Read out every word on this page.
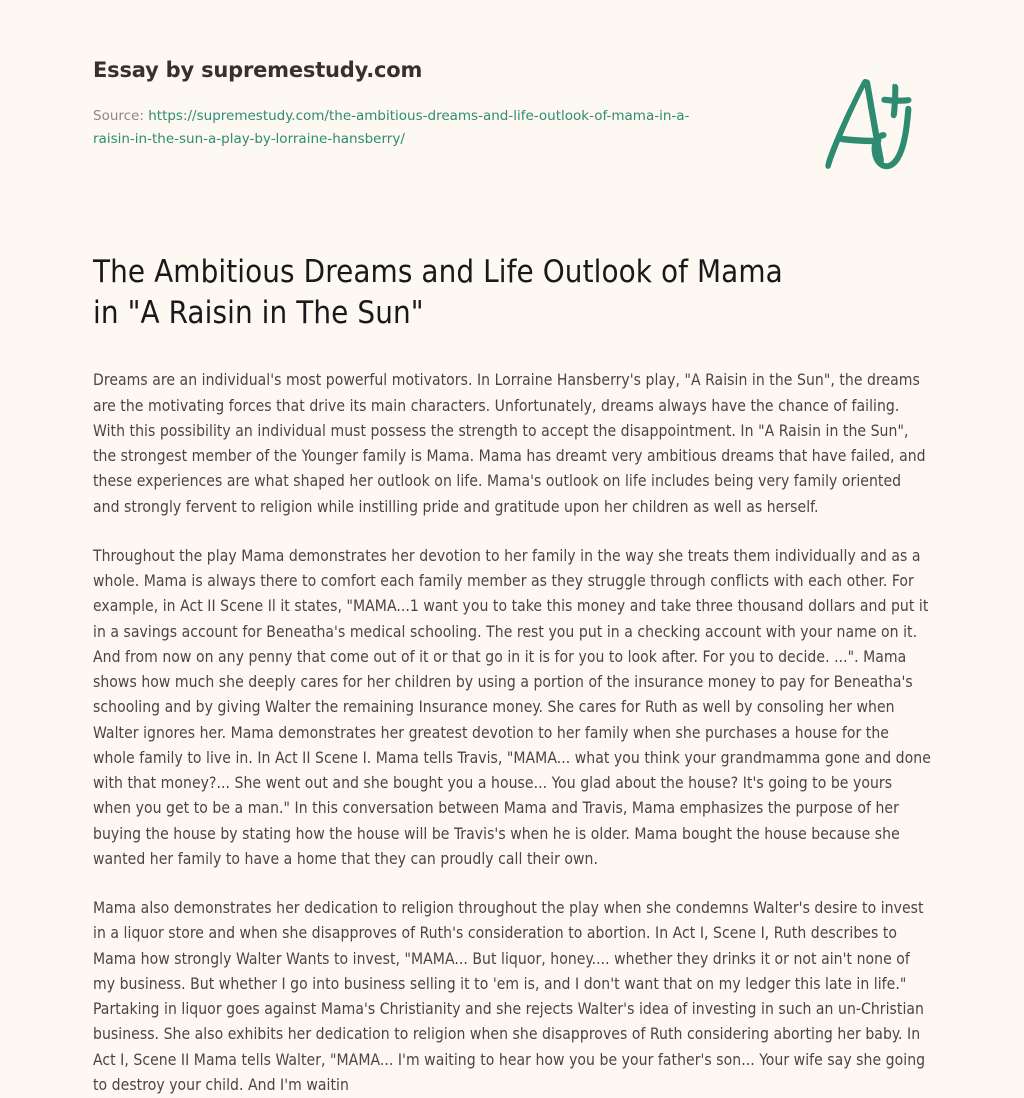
Essay by supremestudy.com
Source: https://supremestudy.com/the-ambitious-dreams-and-life-outlook-of-mama-in-a-raisin-in-the-sun-a-play-by-lorraine-hansberry/
The Ambitious Dreams and Life Outlook of Mama in "A Raisin in The Sun"

Dreams are an individual's most powerful motivators. In Lorraine Hansberry's play, "A Raisin in the Sun", the dreams are the motivating forces that drive its main characters. Unfortunately, dreams always have the chance of failing. With this possibility an individual must possess the strength to accept the disappointment. In "A Raisin in the Sun", the strongest member of the Younger family is Mama. Mama has dreamt very ambitious dreams that have failed, and these experiences are what shaped her outlook on life. Mama's outlook on life includes being very family oriented and strongly fervent to religion while instilling pride and gratitude upon her children as well as herself.

Throughout the play Mama demonstrates her devotion to her family in the way she treats them individually and as a whole. Mama is always there to comfort each family member as they struggle through conflicts with each other. For example, in Act II Scene Il it states, "MAMA...1 want you to take this money and take three thousand dollars and put it in a savings account for Beneatha's medical schooling. The rest you put in a checking account with your name on it. And from now on any penny that come out of it or that go in it is for you to look after. For you to decide. ...". Mama shows how much she deeply cares for her children by using a portion of the insurance money to pay for Beneatha's schooling and by giving Walter the remaining Insurance money. She cares for Ruth as well by consoling her when Walter ignores her. Mama demonstrates her greatest devotion to her family when she purchases a house for the whole family to live in. In Act II Scene I. Mama tells Travis, "MAMA... what you think your grandmamma gone and done with that money?... She went out and she bought you a house... You glad about the house? It's going to be yours when you get to be a man." In this conversation between Mama and Travis, Mama emphasizes the purpose of her buying the house by stating how the house will be Travis's when he is older. Mama bought the house because she wanted her family to have a home that they can proudly call their own.

Mama also demonstrates her dedication to religion throughout the play when she condemns Walter's desire to invest in a liquor store and when she disapproves of Ruth's consideration to abortion. In Act I, Scene I, Ruth describes to Mama how strongly Walter Wants to invest, "MAMA... But liquor, honey.... whether they drinks it or not ain't none of my business. But whether I go into business selling it to 'em is, and I don't want that on my ledger this late in life." Partaking in liquor goes against Mama's Christianity and she rejects Walter's idea of investing in such an un-Christian business. She also exhibits her dedication to religion when she disapproves of Ruth considering aborting her baby. In Act I, Scene II Mama tells Walter, "MAMA... I'm waiting to hear how you be your father's son... Your wife say she going to destroy your child. And I'm waitin
